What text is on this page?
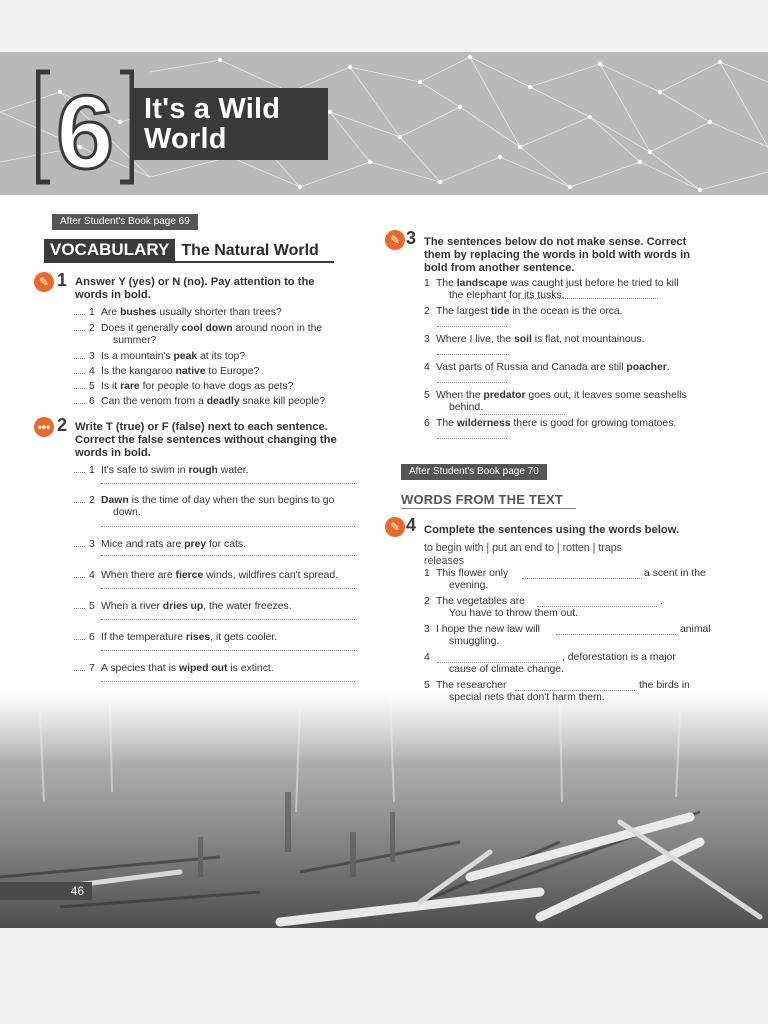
6 It's a Wild
World
After Student's Book page 69
VOCABULARY The Natural World
✎ 1 Answer Y (yes) or N (no). Pay attention to the
words in bold.
••• 2 Write T (true) or F (false) next to each sentence.
Correct the false sentences without changing the
words in bold.
✎ 3 The sentences below do not make sense. Correct
them by replacing the words in bold with words in
bold from another sentence.
After Student's Book page 70
WORDS FROM THE TEXT
✎ 4 Complete the sentences using the words below.
to begin with | put an end to | rotten | traps
releases
46
1 Are bushes usually shorter than trees?
2 Does it generally cool down around noon in the
summer?
3 Is a mountain's peak at its top?
4 Is the kangaroo native to Europe?
5 Is it rare for people to have dogs as pets?
6 Can the venom from a deadly snake kill people?
1 It's safe to swim in rough water.
2 Dawn is the time of day when the sun begins to go
down.
3 Mice and rats are prey for cats.
4 When there are fierce winds, wildfires can't spread.
5 When a river dries up, the water freezes.
6 If the temperature rises, it gets cooler.
7 A species that is wiped out is extinct.
1 The landscape was caught just before he tried to kill
the elephant for its tusks.
2 The largest tide in the ocean is the orca.
3 Where I live, the soil is flat, not mountainous.
4 Vast parts of Russia and Canada are still poacher.
5 When the predator goes out, it leaves some seashells
behind.
6 The wilderness there is good for growing tomatoes.
1 This flower only	a scent in the
evening.
2 The vegetables are	.
You have to throw them out.
3 I hope the new law will	animal
smuggling.
4	, deforestation is a major
cause of climate change.
5 The researcher	the birds in
special nets that don't harm them.
